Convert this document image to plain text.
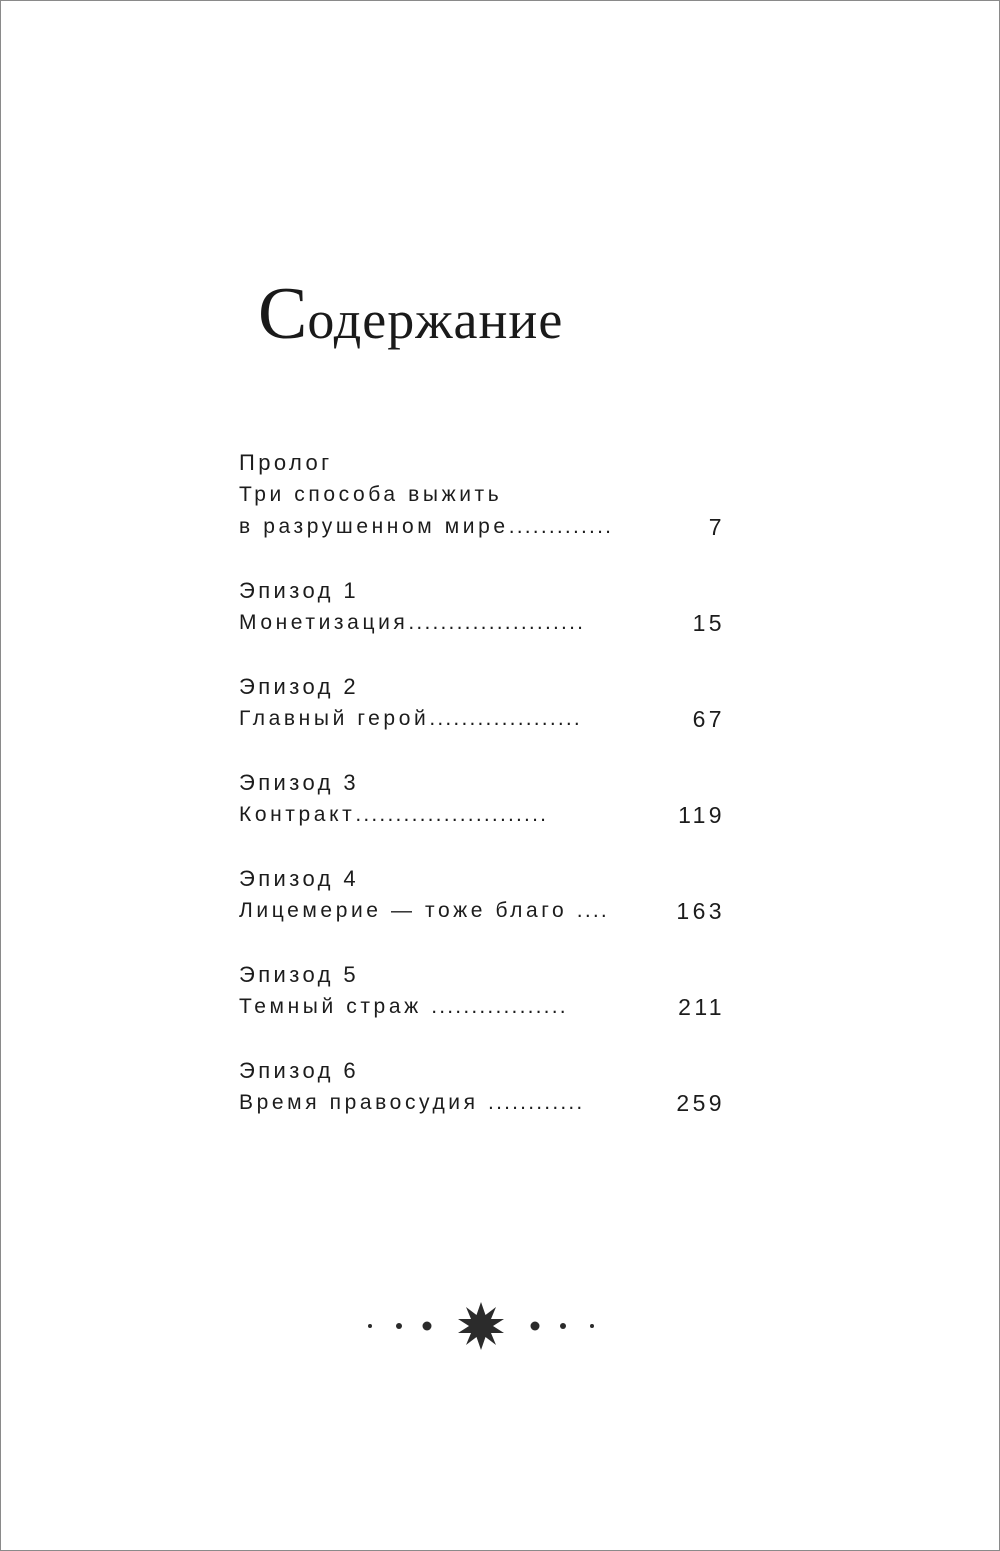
Содержание
Пролог
Три способа выжить
в разрушенном мире.............	7
Эпизод 1
Монетизация......................	15
Эпизод 2
Главный герой...................	67
Эпизод 3
Контракт........................	119
Эпизод 4
Лицемерие — тоже благо ....	163
Эпизод 5
Темный страж .................	211
Эпизод 6
Время правосудия ............	259
